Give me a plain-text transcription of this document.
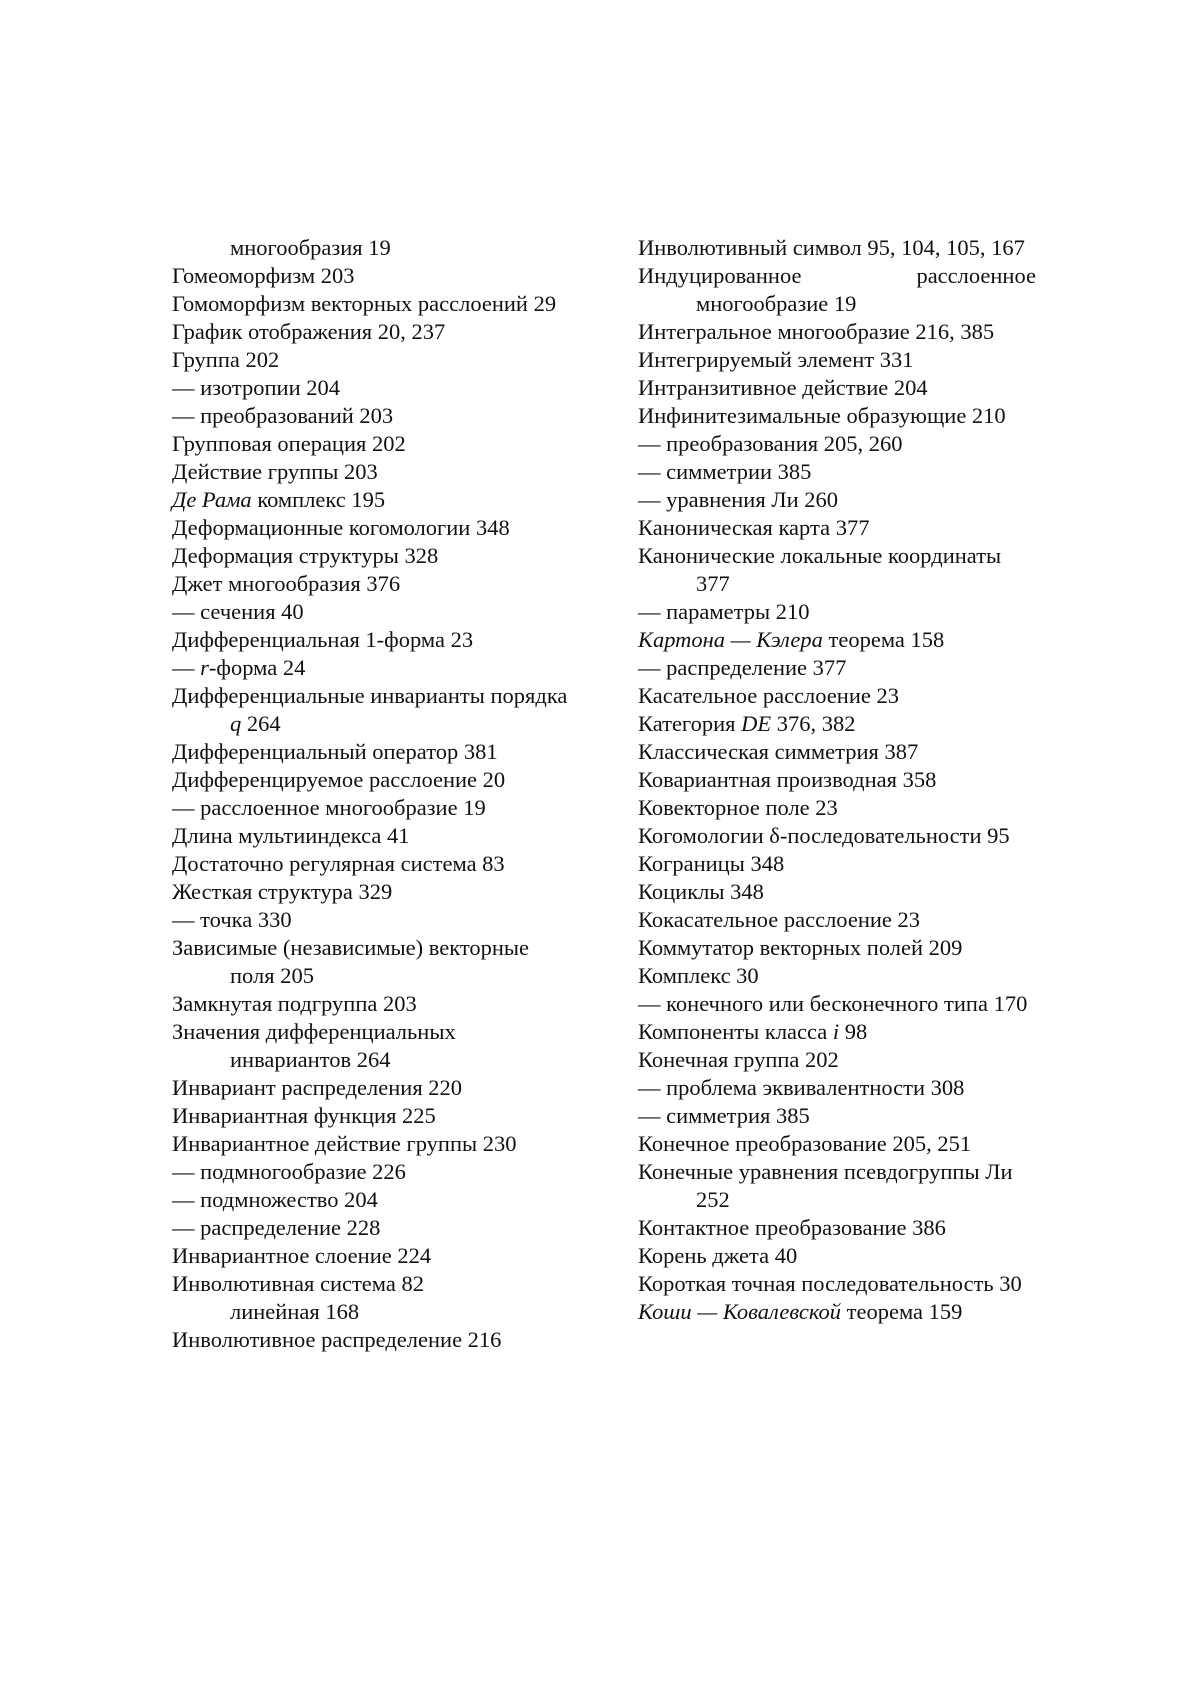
многообразия 19

Гомеоморфизм 203

Гомоморфизм векторных расслоений 29

График отображения 20, 237

Группа 202

— изотропии 204

— преобразований 203

Групповая операция 202

Действие группы 203

Де Рама комплекс 195

Деформационные когомологии 348

Деформация структуры 328

Джет многообразия 376

— сечения 40

Дифференциальная 1-форма 23

— r-форма 24

Дифференциальные инварианты порядка q 264

Дифференциальный оператор 381

Дифференцируемое расслоение 20

— расслоенное многообразие 19

Длина мультииндекса 41

Достаточно регулярная система 83

Жесткая структура 329

— точка 330

Зависимые (независимые) векторные поля 205

Замкнутая подгруппа 203

Значения дифференциальных инвариантов 264

Инвариант распределения 220

Инвариантная функция 225

Инвариантное действие группы 230

— подмногообразие 226

— подмножество 204

— распределение 228

Инвариантное слоение 224

Инволютивная система 82

линейная 168

Инволютивное распределение 216

Инволютивный символ 95, 104, 105, 167

Индуцированное расслоенное многообразие 19

Интегральное многообразие 216, 385

Интегрируемый элемент 331

Интранзитивное действие 204

Инфинитезимальные образующие 210

— преобразования 205, 260

— симметрии 385

— уравнения Ли 260

Каноническая карта 377

Канонические локальные координаты 377

— параметры 210

Картона — Кэлера теорема 158

— распределение 377

Касательное расслоение 23

Категория DE 376, 382

Классическая симметрия 387

Ковариантная производная 358

Ковекторное поле 23

Когомологии δ-последовательности 95

Кограницы 348

Коциклы 348

Кокасательное расслоение 23

Коммутатор векторных полей 209

Комплекс 30

— конечного или бесконечного типа 170

Компоненты класса i 98

Конечная группа 202

— проблема эквивалентности 308

— симметрия 385

Конечное преобразование 205, 251

Конечные уравнения псевдогруппы Ли 252

Контактное преобразование 386

Корень джета 40

Короткая точная последовательность 30

Коши — Ковалевской теорема 159
